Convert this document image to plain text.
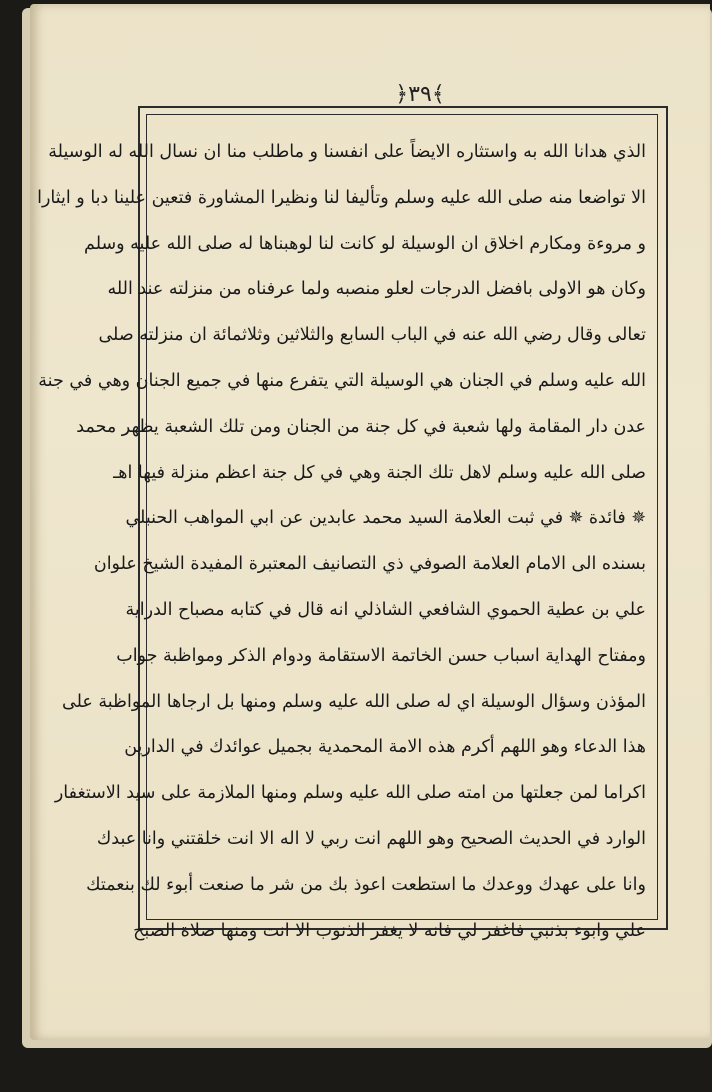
﴿٣٩﴾
الذي هدانا الله به واستثاره الايضاً على انفسنا و ماطلب منا ان نسال الله له الوسيلة
الا تواضعا منه صلى الله عليه وسلم وتأليفا لنا ونظيرا المشاورة فتعين علينا دبا و ايثارا
و مروءة ومكارم اخلاق ان الوسيلة لو كانت لنا لوهبناها له صلى الله عليه وسلم
وكان هو الاولى بافضل الدرجات لعلو منصبه ولما عرفناه من منزلته عند الله
تعالى وقال رضي الله عنه في الباب السابع والثلاثين وثلاثمائة ان منزلته صلى
الله عليه وسلم في الجنان هي الوسيلة التي يتفرع منها في جميع الجنان وهي في جنة
عدن دار المقامة ولها شعبة في كل جنة من الجنان ومن تلك الشعبة يظهر محمد
صلى الله عليه وسلم لاهل تلك الجنة وهي في كل جنة اعظم منزلة فيها اهـ
✵ فائدة ✵ في ثبت العلامة السيد محمد عابدين عن ابي المواهب الحنبلي
بسنده الى الامام العلامة الصوفي ذي التصانيف المعتبرة المفيدة الشيخ علوان
علي بن عطية الحموي الشافعي الشاذلي انه قال في كتابه مصباح الدراية
ومفتاح الهداية اسباب حسن الخاتمة الاستقامة ودوام الذكر ومواظبة جواب
المؤذن وسؤال الوسيلة اي له صلى الله عليه وسلم ومنها بل ارجاها المواظبة على
هذا الدعاء وهو اللهم أكرم هذه الامة المحمدية بجميل عوائدك في الدارين
اكراما لمن جعلتها من امته صلى الله عليه وسلم ومنها الملازمة على سيد الاستغفار
الوارد في الحديث الصحيح وهو اللهم انت ربي لا اله الا انت خلقتني وانا عبدك
وانا على عهدك ووعدك ما استطعت اعوذ بك من شر ما صنعت أبوء لك بنعمتك
علي وابوء بذنبي فاغفر لي فانه لا يغفر الذنوب الا انت ومنها صلاة الصبح
